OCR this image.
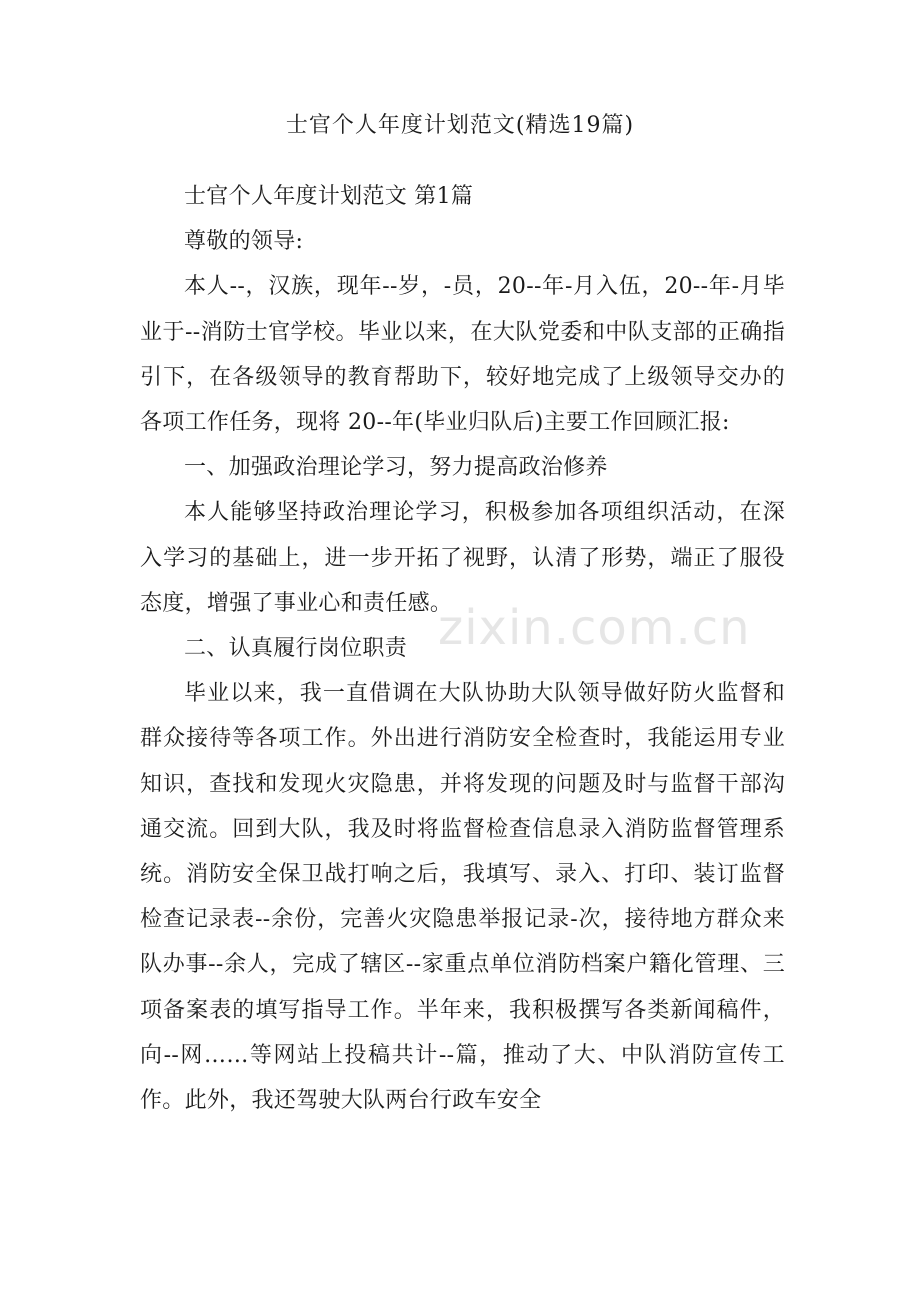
士官个人年度计划范文(精选19篇)

士官个人年度计划范文 第1篇

尊敬的领导:

本人--，汉族，现年--岁，-员，20--年-月入伍，20--年-月毕业于--消防士官学校。毕业以来，在大队党委和中队支部的正确指引下，在各级领导的教育帮助下，较好地完成了上级领导交办的各项工作任务，现将 20--年(毕业归队后)主要工作回顾汇报:

一、加强政治理论学习，努力提高政治修养

本人能够坚持政治理论学习，积极参加各项组织活动，在深入学习的基础上，进一步开拓了视野，认清了形势，端正了服役态度，增强了事业心和责任感。

二、认真履行岗位职责

毕业以来，我一直借调在大队协助大队领导做好防火监督和群众接待等各项工作。外出进行消防安全检查时，我能运用专业知识，查找和发现火灾隐患，并将发现的问题及时与监督干部沟通交流。回到大队，我及时将监督检查信息录入消防监督管理系统。消防安全保卫战打响之后，我填写、录入、打印、装订监督检查记录表--余份，完善火灾隐患举报记录-次，接待地方群众来队办事--余人，完成了辖区--家重点单位消防档案户籍化管理、三项备案表的填写指导工作。半年来，我积极撰写各类新闻稿件，向--网……等网站上投稿共计--篇，推动了大、中队消防宣传工作。此外，我还驾驶大队两台行政车安全

zixin.com.cn
